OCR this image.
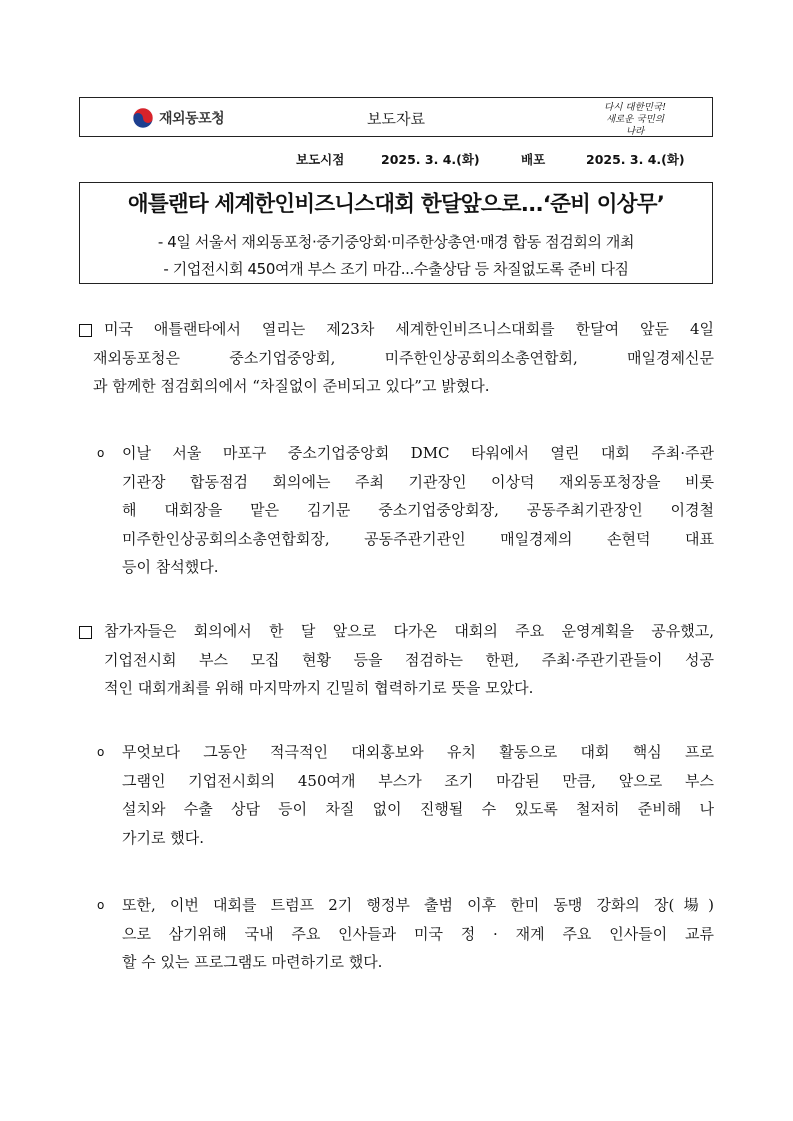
재외동포청	보도자료
다시 대한민국!
새로운 국민의 나라
보도시점	2025. 3. 4.(화)	배포	2025. 3. 4.(화)
애틀랜타 세계한인비즈니스대회 한달앞으로...‘준비 이상무’
- 4일 서울서 재외동포청·중기중앙회·미주한상총연·매경 합동 점검회의 개최
- 기업전시회 450여개 부스 조기 마감...수출상담 등 차질없도록 준비 다짐
미국 애틀랜타에서 열리는 제23차 세계한인비즈니스대회를 한달여 앞둔 4일
재외동포청은 중소기업중앙회, 미주한인상공회의소총연합회, 매일경제신문
과 함께한 점검회의에서 “차질없이 준비되고 있다”고 밝혔다.
o 이날 서울 마포구 중소기업중앙회 DMC 타워에서 열린 대회 주최·주관
기관장 합동점검 회의에는 주최 기관장인 이상덕 재외동포청장을 비롯
해 대회장을 맡은 김기문 중소기업중앙회장, 공동주최기관장인 이경철
미주한인상공회의소총연합회장, 공동주관기관인 매일경제의 손현덕 대표
등이 참석했다.
참가자들은 회의에서 한 달 앞으로 다가온 대회의 주요 운영계획을 공유했고,
기업전시회 부스 모집 현황 등을 점검하는 한편, 주최·주관기관들이 성공
적인 대회개최를 위해 마지막까지 긴밀히 협력하기로 뜻을 모았다.
o 무엇보다 그동안 적극적인 대외홍보와 유치 활동으로 대회 핵심 프로
그램인 기업전시회의 450여개 부스가 조기 마감된 만큼, 앞으로 부스
설치와 수출 상담 등이 차질 없이 진행될 수 있도록 철저히 준비해 나
가기로 했다.
o 또한, 이번 대회를 트럼프 2기 행정부 출범 이후 한미 동맹 강화의 장(場)
으로 삼기위해 국내 주요 인사들과 미국 정 · 재계 주요 인사들이 교류
할 수 있는 프로그램도 마련하기로 했다.
